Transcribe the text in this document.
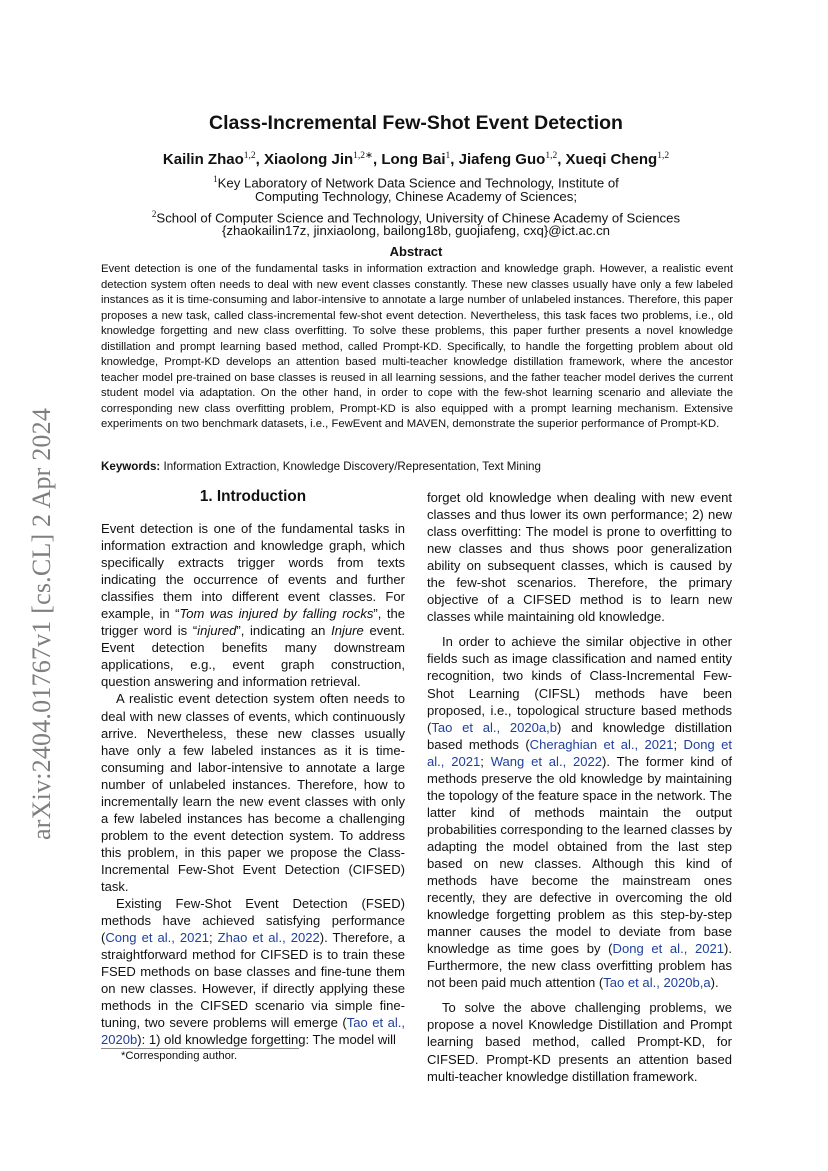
arXiv:2404.01767v1 [cs.CL] 2 Apr 2024
Class-Incremental Few-Shot Event Detection
Kailin Zhao$^{1,2}$, Xiaolong Jin$^{1,2∗}$, Long Bai$^1$, Jiafeng Guo$^{1,2}$, Xueqi Cheng$^{1,2}$
$^1$Key Laboratory of Network Data Science and Technology, Institute of
Computing Technology, Chinese Academy of Sciences;
$^2$School of Computer Science and Technology, University of Chinese Academy of Sciences
{zhaokailin17z, jinxiaolong, bailong18b, guojiafeng, cxq}@ict.ac.cn
Abstract
Event detection is one of the fundamental tasks in information extraction and knowledge graph. However, a realistic event detection system often needs to deal with new event classes constantly. These new classes usually have only a few labeled instances as it is time-consuming and labor-intensive to annotate a large number of unlabeled instances. Therefore, this paper proposes a new task, called class-incremental few-shot event detection. Nevertheless, this task faces two problems, i.e., old knowledge forgetting and new class overfitting. To solve these problems, this paper further presents a novel knowledge distillation and prompt learning based method, called Prompt-KD. Specifically, to handle the forgetting problem about old knowledge, Prompt-KD develops an attention based multi-teacher knowledge distillation framework, where the ancestor teacher model pre-trained on base classes is reused in all learning sessions, and the father teacher model derives the current student model via adaptation. On the other hand, in order to cope with the few-shot learning scenario and alleviate the corresponding new class overfitting problem, Prompt-KD is also equipped with a prompt learning mechanism. Extensive experiments on two benchmark datasets, i.e., FewEvent and MAVEN, demonstrate the superior performance of Prompt-KD.
Keywords: Information Extraction, Knowledge Discovery/Representation, Text Mining
1. Introduction

Event detection is one of the fundamental tasks in information extraction and knowledge graph, which specifically extracts trigger words from texts indicating the occurrence of events and further classifies them into different event classes. For example, in “Tom was injured by falling rocks”, the trigger word is “injured”, indicating an Injure event. Event detection benefits many downstream applications, e.g., event graph construction, question answering and information retrieval.

A realistic event detection system often needs to deal with new classes of events, which continuously arrive. Nevertheless, these new classes usually have only a few labeled instances as it is time-consuming and labor-intensive to annotate a large number of unlabeled instances. Therefore, how to incrementally learn the new event classes with only a few labeled instances has become a challenging problem to the event detection system. To address this problem, in this paper we propose the Class-Incremental Few-Shot Event Detection (CIFSED) task.

Existing Few-Shot Event Detection (FSED) methods have achieved satisfying performance (Cong et al., 2021; Zhao et al., 2022). Therefore, a straightforward method for CIFSED is to train these FSED methods on base classes and fine-tune them on new classes. However, if directly applying these methods in the CIFSED scenario via simple fine-tuning, two severe problems will emerge (Tao et al., 2020b): 1) old knowledge forgetting: The model will

forget old knowledge when dealing with new event classes and thus lower its own performance; 2) new class overfitting: The model is prone to overfitting to new classes and thus shows poor generalization ability on subsequent classes, which is caused by the few-shot scenarios. Therefore, the primary objective of a CIFSED method is to learn new classes while maintaining old knowledge.

In order to achieve the similar objective in other fields such as image classification and named entity recognition, two kinds of Class-Incremental Few-Shot Learning (CIFSL) methods have been proposed, i.e., topological structure based methods (Tao et al., 2020a,b) and knowledge distillation based methods (Cheraghian et al., 2021; Dong et al., 2021; Wang et al., 2022). The former kind of methods preserve the old knowledge by maintaining the topology of the feature space in the network. The latter kind of methods maintain the output probabilities corresponding to the learned classes by adapting the model obtained from the last step based on new classes. Although this kind of methods have become the mainstream ones recently, they are defective in overcoming the old knowledge forgetting problem as this step-by-step manner causes the model to deviate from base knowledge as time goes by (Dong et al., 2021). Furthermore, the new class overfitting problem has not been paid much attention (Tao et al., 2020b,a).

To solve the above challenging problems, we propose a novel Knowledge Distillation and Prompt learning based method, called Prompt-KD, for CIFSED. Prompt-KD presents an attention based multi-teacher knowledge distillation framework.

*Corresponding author.
